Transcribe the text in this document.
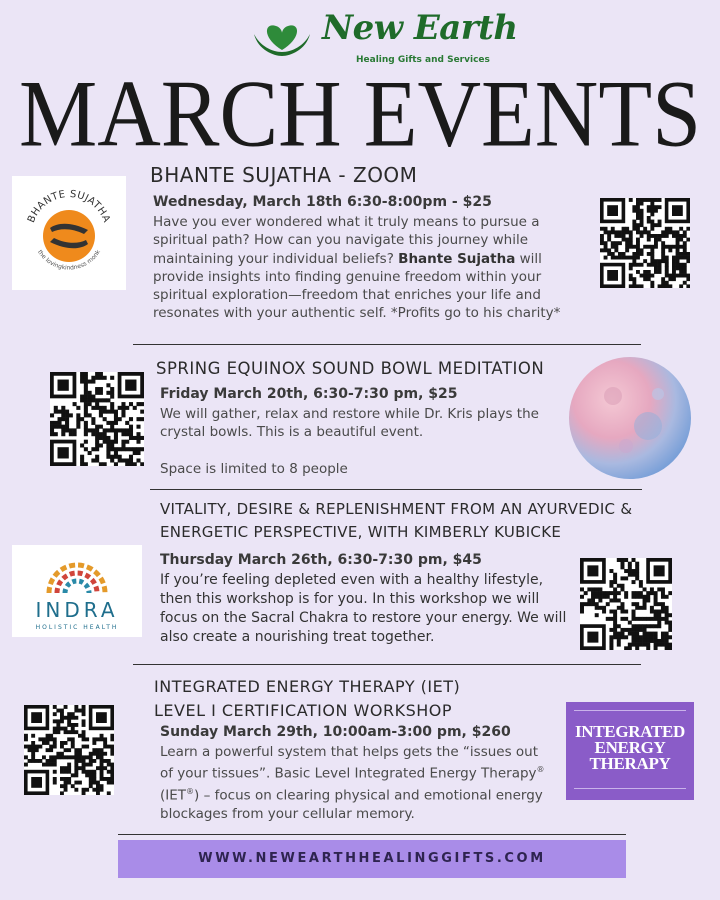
New Earth
Healing Gifts and Services
MARCH EVENTS
BHANTE SUJATHA
the lovingkindness monk
BHANTE SUJATHA - ZOOM
Wednesday, March 18th 6:30-8:00pm - $25
Have you ever wondered what it truly means to pursue a spiritual path? How can you navigate this journey while maintaining your individual beliefs? Bhante Sujatha will provide insights into finding genuine freedom within your spiritual exploration—freedom that enriches your life and resonates with your authentic self. *Profits go to his charity*
SPRING EQUINOX SOUND BOWL MEDITATION
Friday March 20th, 6:30-7:30 pm, $25
We will gather, relax and restore while Dr. Kris plays the crystal bowls. This is a beautiful event.
Space is limited to 8 people
VITALITY, DESIRE & REPLENISHMENT FROM AN AYURVEDIC &
ENERGETIC PERSPECTIVE, WITH KIMBERLY KUBICKE
INDRA
HOLISTIC HEALTH
Thursday March 26th, 6:30-7:30 pm, $45
If you’re feeling depleted even with a healthy lifestyle, then this workshop is for you. In this workshop we will focus on the Sacral Chakra to restore your energy. We will also create a nourishing treat together.
INTEGRATED ENERGY THERAPY (IET)
LEVEL I CERTIFICATION WORKSHOP
Sunday March 29th, 10:00am-3:00 pm, $260
Learn a powerful system that helps gets the “issues out
of your tissues”. Basic Level Integrated Energy Therapy®
(IET®) – focus on clearing physical and emotional energy
blockages from your cellular memory.
INTEGRATED ENERGY THERAPY
WWW.NEWEARTHHEALINGGIFTS.COM
